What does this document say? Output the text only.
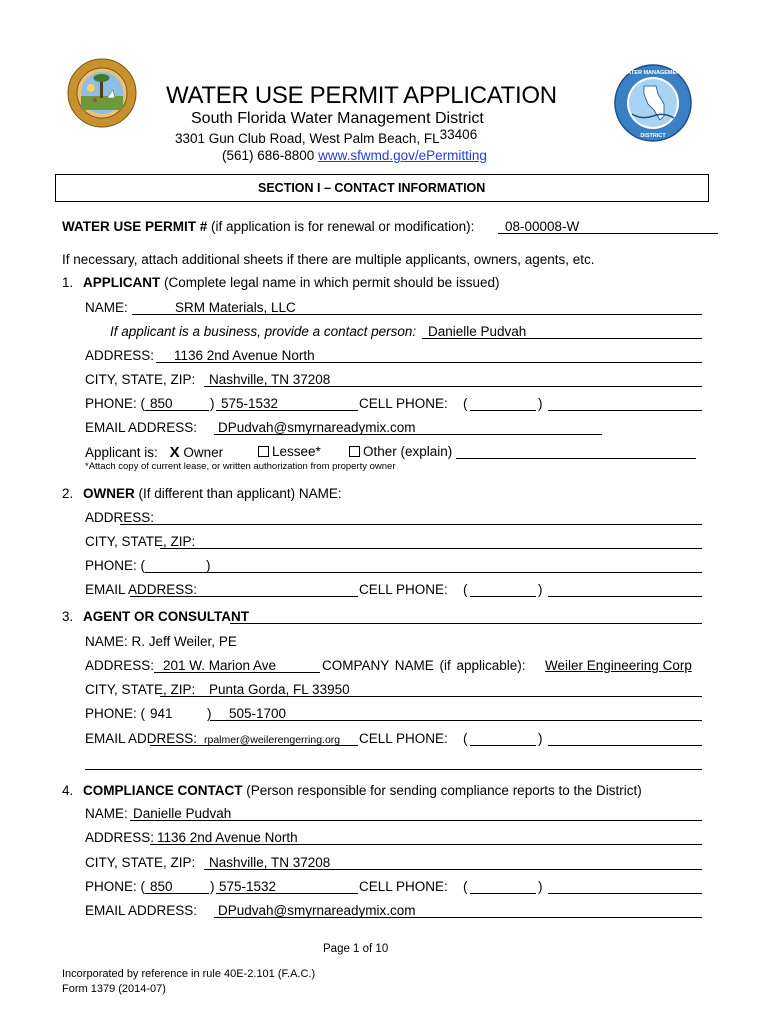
WATER MANAGEMENT
DISTRICT
WATER USE PERMIT APPLICATION
South Florida Water Management District
3301 Gun Club Road, West Palm Beach, FL33406
(561) 686-8800 www.sfwmd.gov/ePermitting
SECTION I – CONTACT INFORMATION
WATER USE PERMIT # (if application is for renewal or modification): 08-00008-W
If necessary, attach additional sheets if there are multiple applicants, owners, agents, etc.
1. APPLICANT (Complete legal name in which permit should be issued)
NAME:	SRM Materials, LLC
If applicant is a business, provide a contact person: Danielle Pudvah
ADDRESS: 1136 2nd Avenue North
CITY, STATE, ZIP: Nashville, TN 37208
PHONE: ( 850	) 575-1532	CELL PHONE: (	)
EMAIL ADDRESS: DPudvah@smyrnareadymix.com
Applicant is: X Owner	Lessee*	Other (explain)
*Attach copy of current lease, or written authorization from property owner
2. OWNER (If different than applicant) NAME:
ADDRESS:
CITY, STATE, ZIP:
PHONE: (	)
EMAIL ADDRESS:	CELL PHONE: (	)
3. AGENT OR CONSULTANT
NAME: R. Jeff Weiler, PE
ADDRESS: 201 W. Marion Ave	COMPANY NAME (if applicable): Weiler Engineering Corp
CITY, STATE, ZIP: Punta Gorda, FL 33950
PHONE: ( 941	) 505-1700
EMAIL ADDRESS: rpalmer@weilerengerring.org CELL PHONE: (	)
4. COMPLIANCE CONTACT (Person responsible for sending compliance reports to the District)
NAME: Danielle Pudvah
ADDRESS: 1136 2nd Avenue North
CITY, STATE, ZIP: Nashville, TN 37208
PHONE: ( 850	) 575-1532	CELL PHONE: (	)
EMAIL ADDRESS: DPudvah@smyrnareadymix.com
Page 1 of 10
Incorporated by reference in rule 40E-2.101 (F.A.C.)
Form 1379 (2014-07)
